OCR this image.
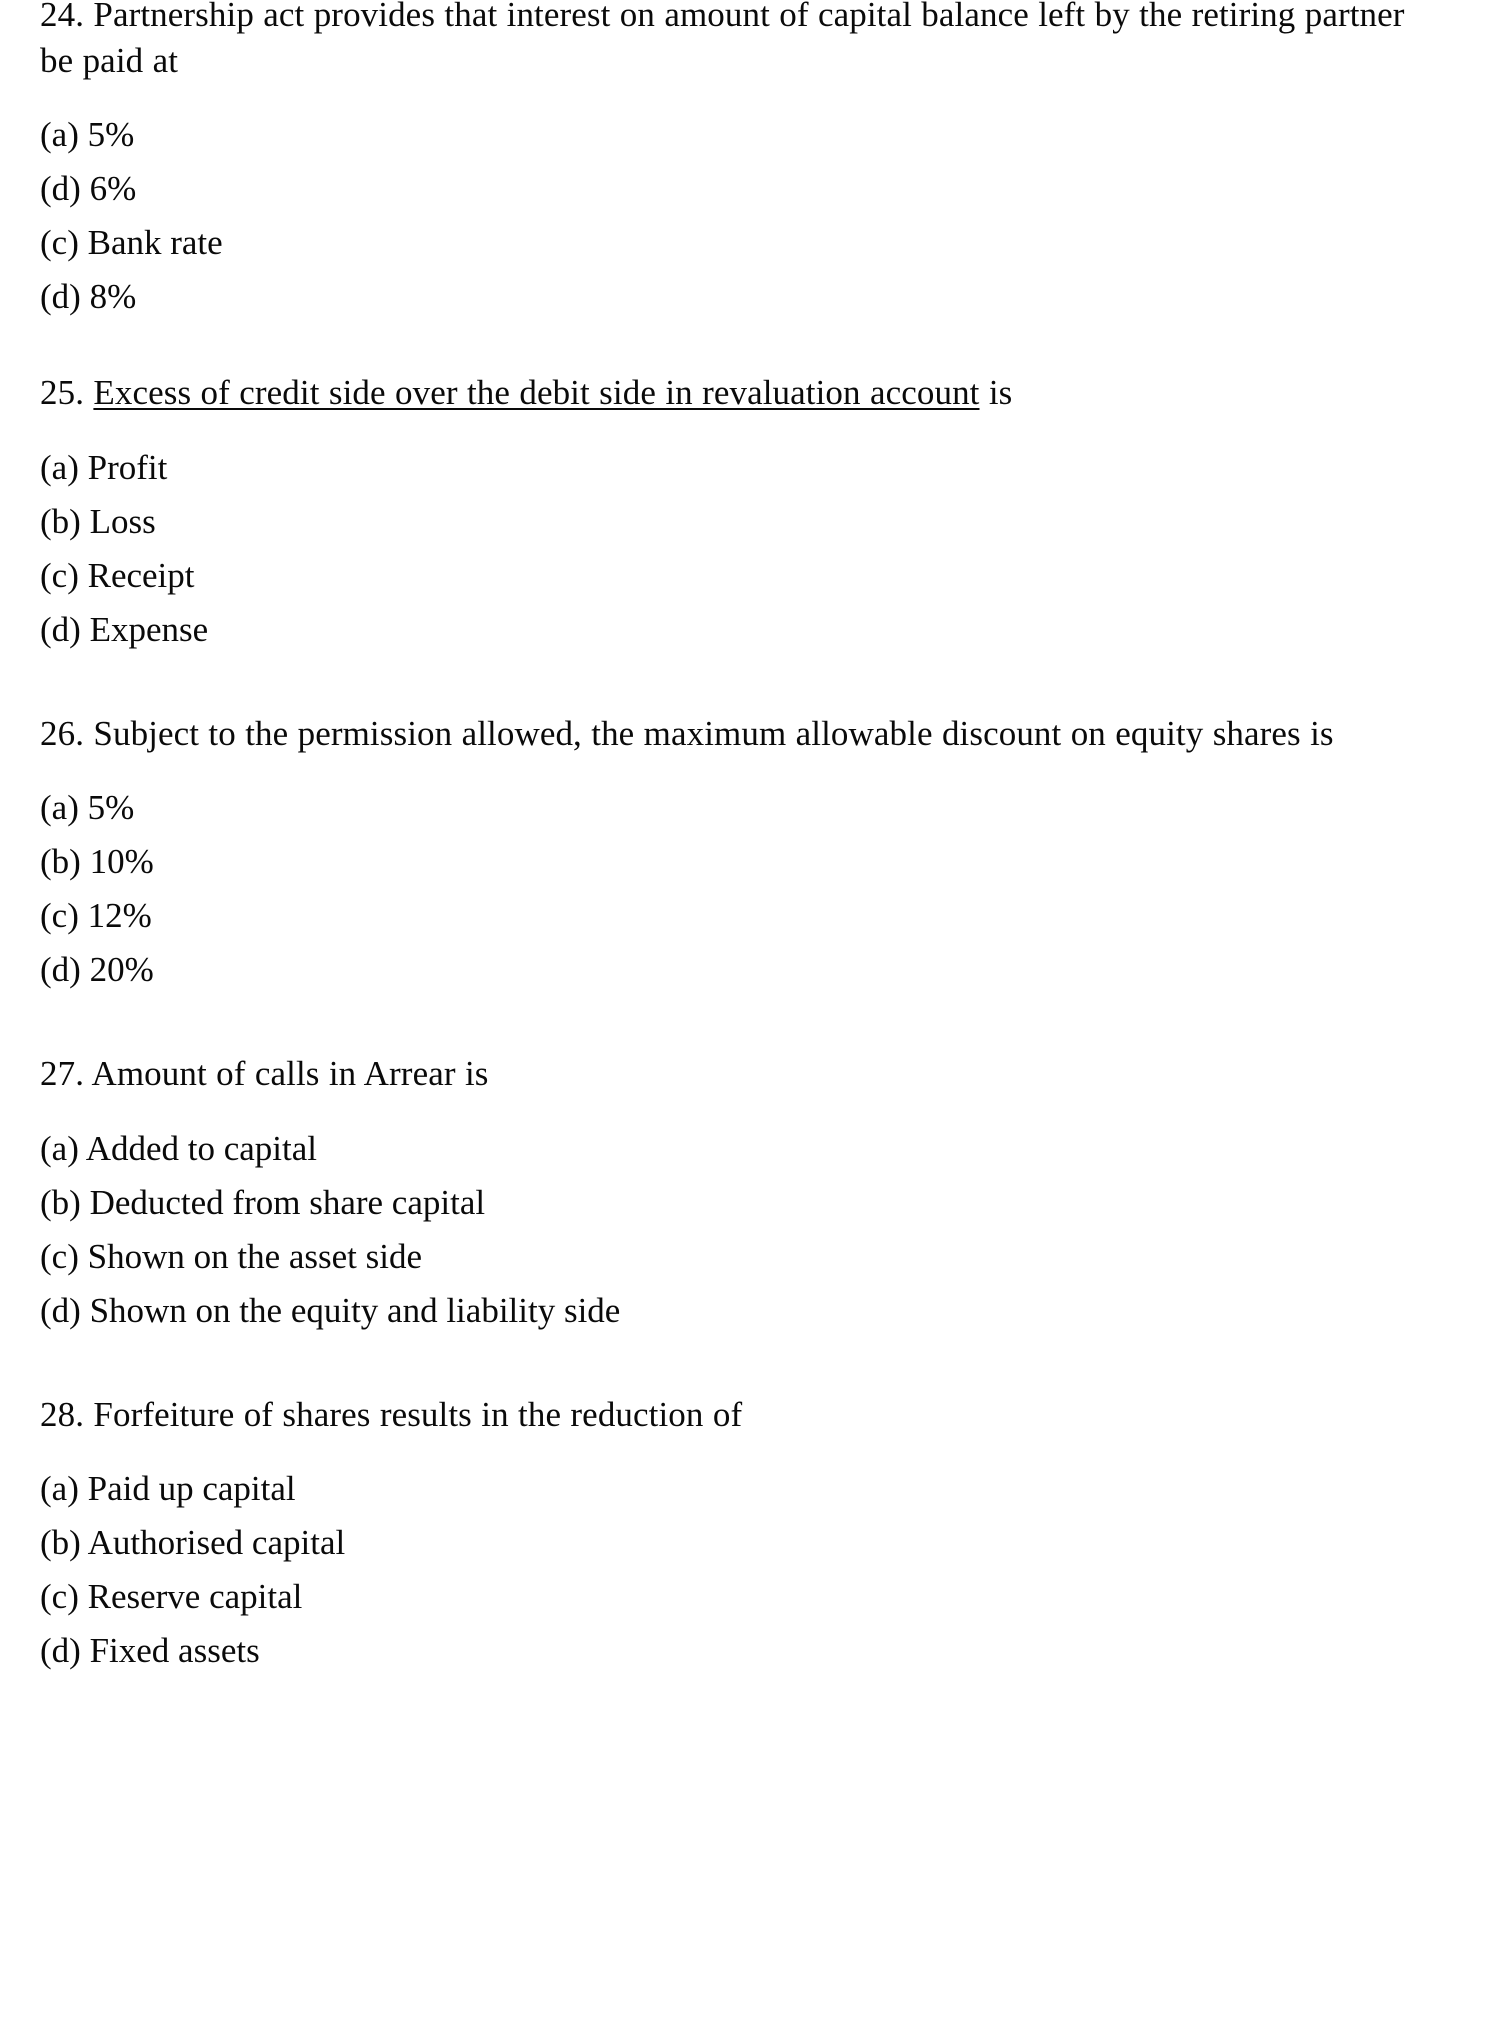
24. Partnership act provides that interest on amount of capital balance left by the retiring partner be paid at

(a) 5%
(d) 6%
(c) Bank rate
(d) 8%

25. Excess of credit side over the debit side in revaluation account is

(a) Profit
(b) Loss
(c) Receipt
(d) Expense

26. Subject to the permission allowed, the maximum allowable discount on equity shares is

(a) 5%
(b) 10%
(c) 12%
(d) 20%

27. Amount of calls in Arrear is

(a) Added to capital
(b) Deducted from share capital
(c) Shown on the asset side
(d) Shown on the equity and liability side

28. Forfeiture of shares results in the reduction of

(a) Paid up capital
(b) Authorised capital
(c) Reserve capital
(d) Fixed assets
